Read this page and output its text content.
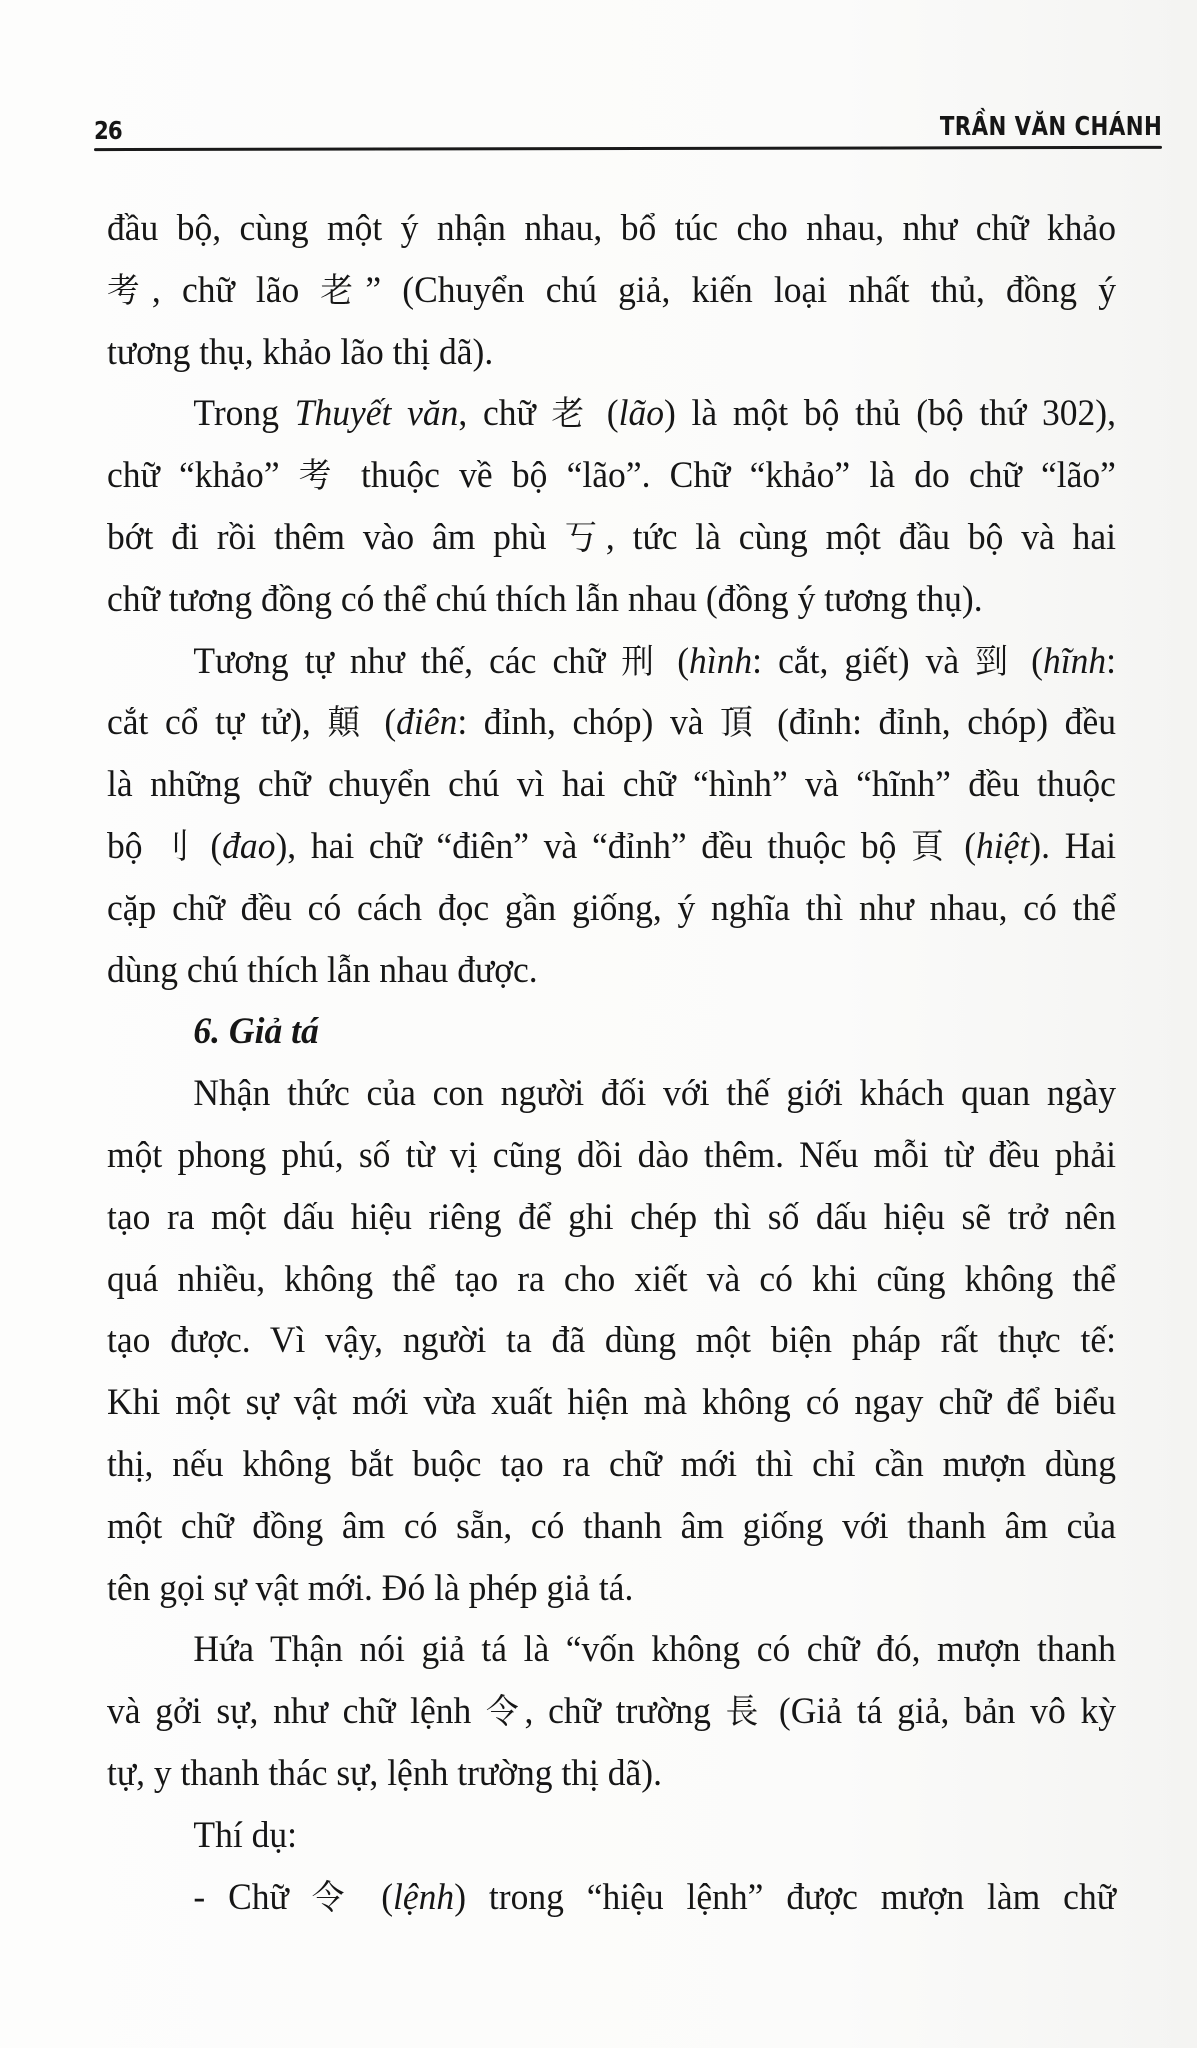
26	TRẦN VĂN CHÁNH
đầu bộ, cùng một ý nhận nhau, bổ túc cho nhau, như chữ khảo
考, chữ lão 老” (Chuyển chú giả, kiến loại nhất thủ, đồng ý
tương thụ, khảo lão thị dã).
Trong Thuyết văn, chữ 老 (lão) là một bộ thủ (bộ thứ 302),
chữ “khảo” 考 thuộc về bộ “lão”. Chữ “khảo” là do chữ “lão”
bớt đi rồi thêm vào âm phù 丂, tức là cùng một đầu bộ và hai
chữ tương đồng có thể chú thích lẫn nhau (đồng ý tương thụ).
Tương tự như thế, các chữ 刑 (hình: cắt, giết) và 剄 (hĩnh:
cắt cổ tự tử), 顛 (điên: đỉnh, chóp) và 頂 (đỉnh: đỉnh, chóp) đều
là những chữ chuyển chú vì hai chữ “hình” và “hĩnh” đều thuộc
bộ 刂 (đao), hai chữ “điên” và “đỉnh” đều thuộc bộ 頁 (hiệt). Hai
cặp chữ đều có cách đọc gần giống, ý nghĩa thì như nhau, có thể
dùng chú thích lẫn nhau được.
6. Giả tá
Nhận thức của con người đối với thế giới khách quan ngày
một phong phú, số từ vị cũng dồi dào thêm. Nếu mỗi từ đều phải
tạo ra một dấu hiệu riêng để ghi chép thì số dấu hiệu sẽ trở nên
quá nhiều, không thể tạo ra cho xiết và có khi cũng không thể
tạo được. Vì vậy, người ta đã dùng một biện pháp rất thực tế:
Khi một sự vật mới vừa xuất hiện mà không có ngay chữ để biểu
thị, nếu không bắt buộc tạo ra chữ mới thì chỉ cần mượn dùng
một chữ đồng âm có sẵn, có thanh âm giống với thanh âm của
tên gọi sự vật mới. Đó là phép giả tá.
Hứa Thận nói giả tá là “vốn không có chữ đó, mượn thanh
và gởi sự, như chữ lệnh 令, chữ trường 長 (Giả tá giả, bản vô kỳ
tự, y thanh thác sự, lệnh trường thị dã).
Thí dụ:
- Chữ 令 (lệnh) trong “hiệu lệnh” được mượn làm chữ
